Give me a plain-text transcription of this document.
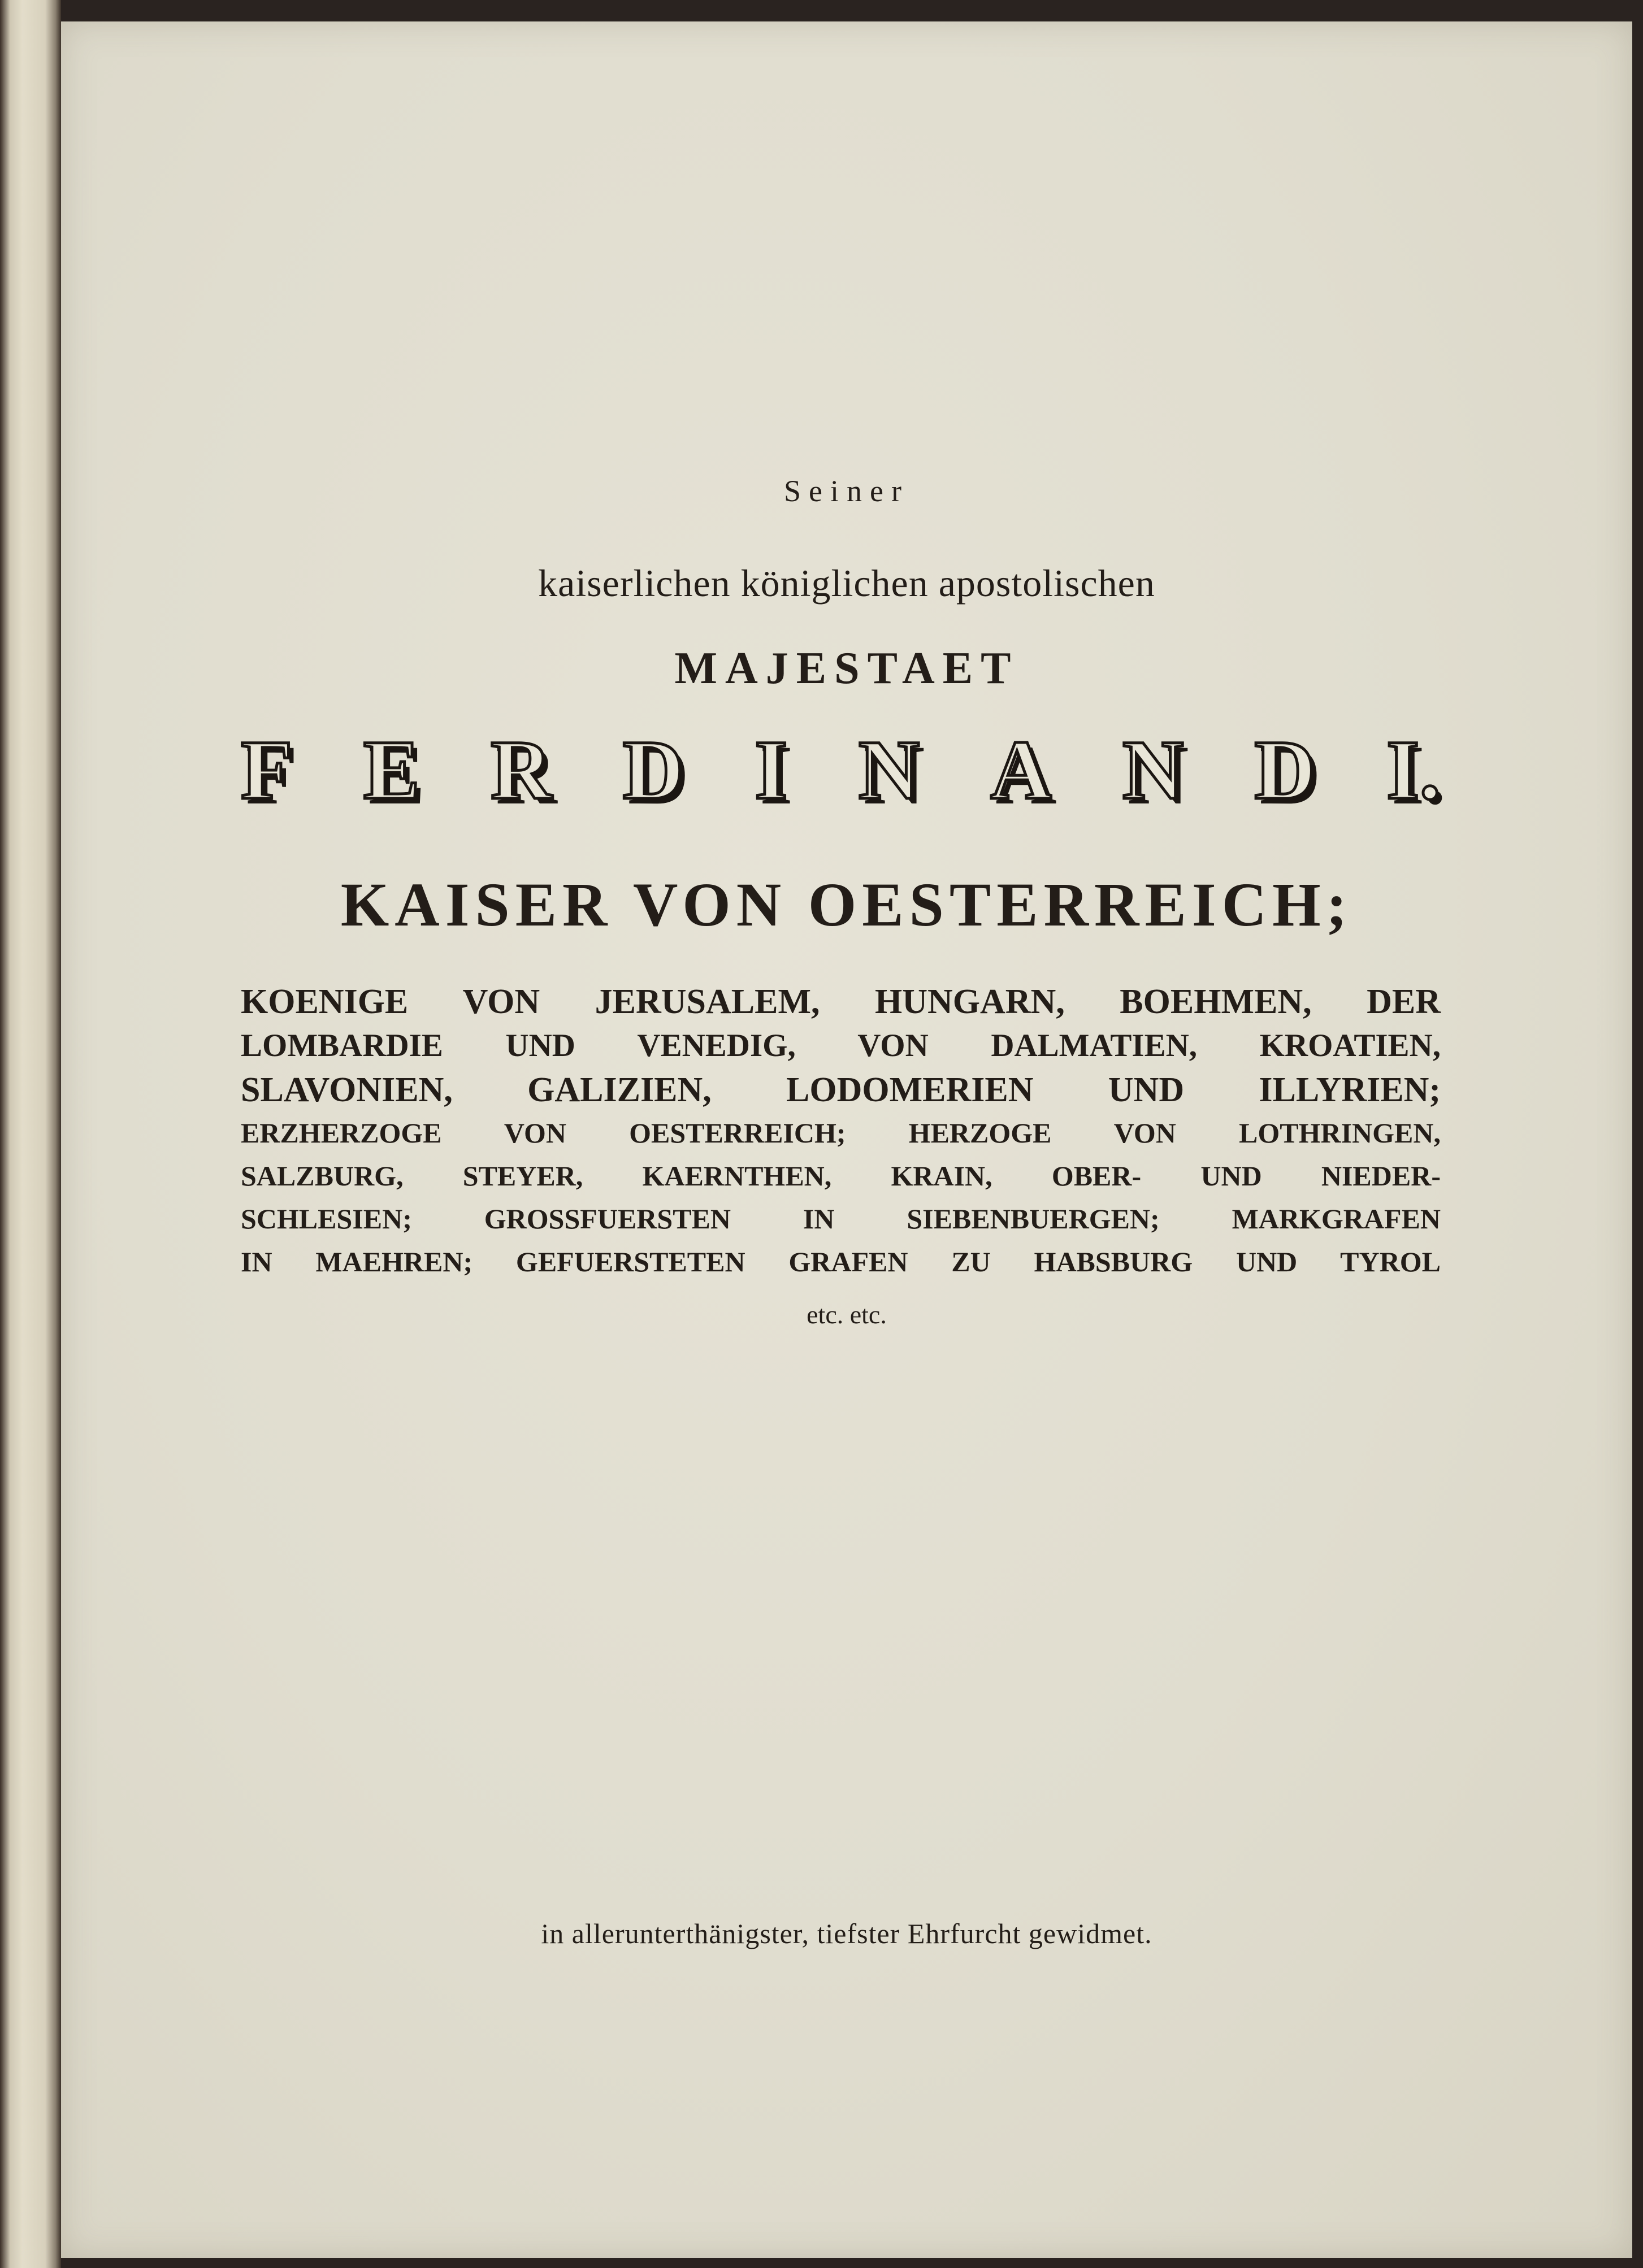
Seiner
kaiserlichen königlichen apostolischen
MAJESTAET
F E R D I N A N D I.
KAISER VON OESTERREICH;
KOENIGE VON JERUSALEM, HUNGARN, BOEHMEN, DER
LOMBARDIE UND VENEDIG, VON DALMATIEN, KROATIEN,
SLAVONIEN, GALIZIEN, LODOMERIEN UND ILLYRIEN;
ERZHERZOGE VON OESTERREICH; HERZOGE VON LOTHRINGEN,
SALZBURG, STEYER, KAERNTHEN, KRAIN, OBER- UND NIEDER-
SCHLESIEN; GROSSFUERSTEN IN SIEBENBUERGEN; MARKGRAFEN
IN MAEHREN; GEFUERSTETEN GRAFEN ZU HABSBURG UND TYROL
etc. etc.
in allerunterthänigster, tiefster Ehrfurcht gewidmet.
